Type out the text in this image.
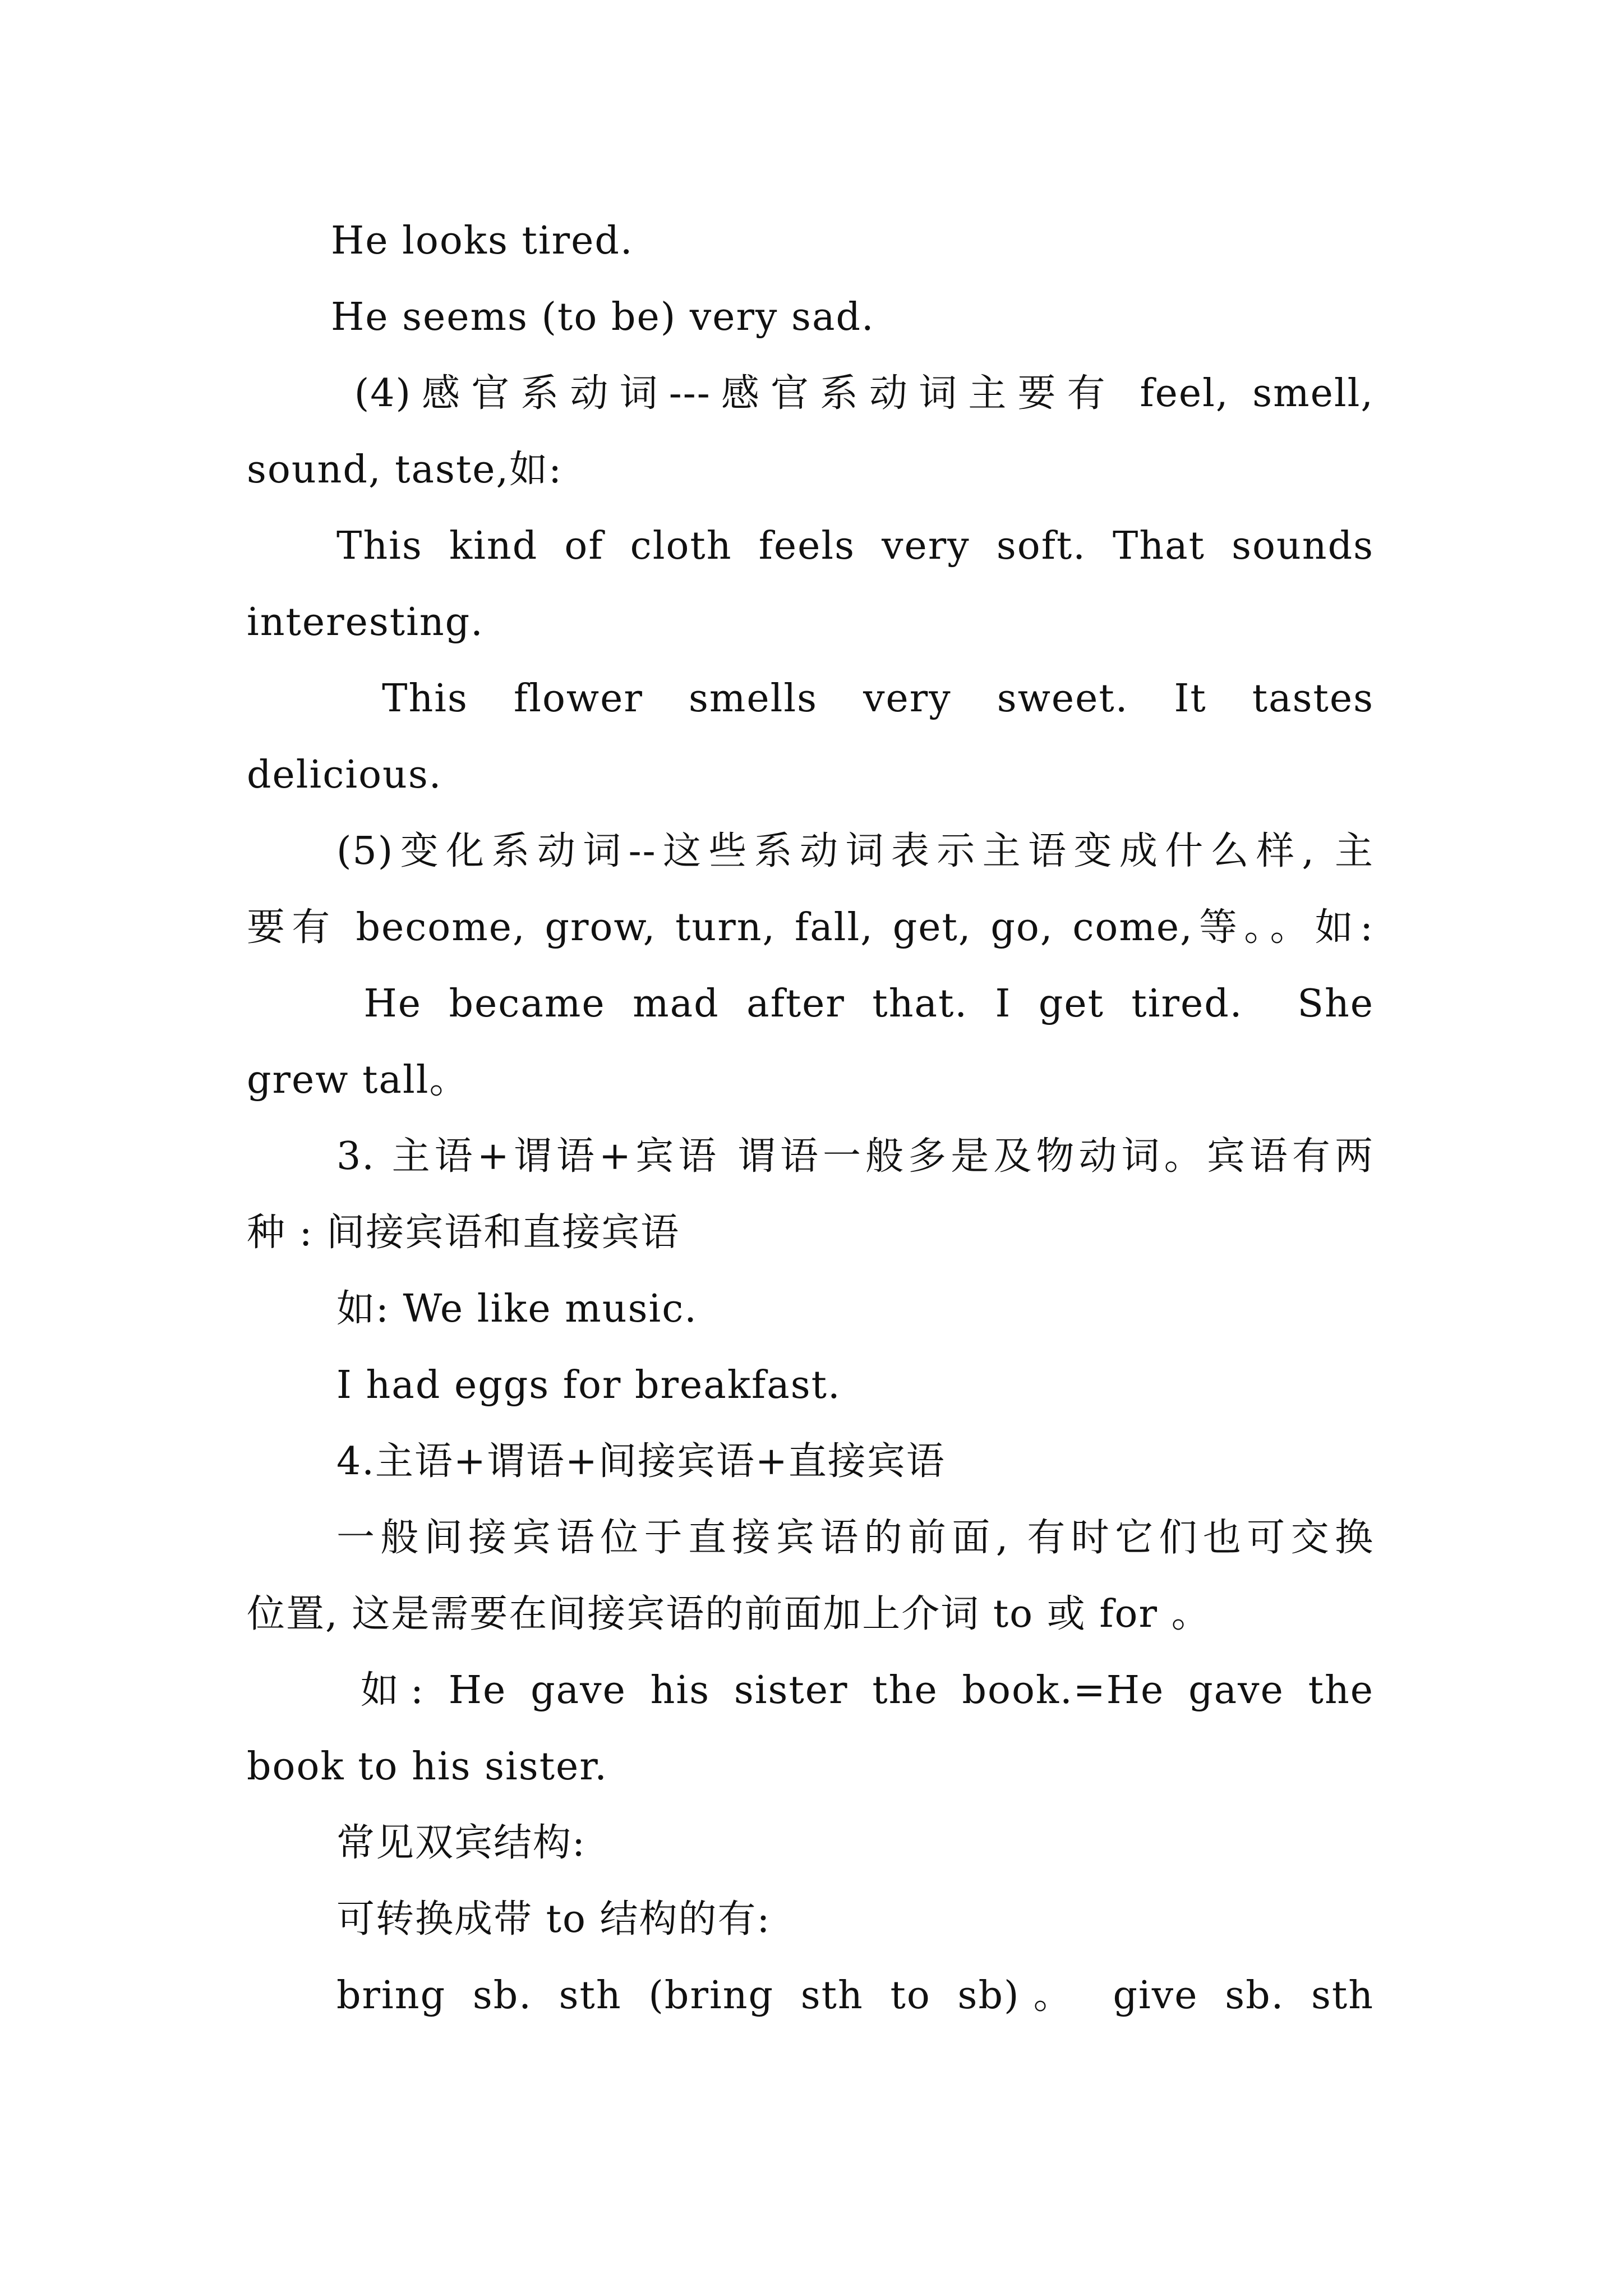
He looks tired.
He seems (to be) very sad.
(4)感官系动词---感官系动词主要有 feel, smell,
sound, taste,如:
This kind of cloth feels very soft. That sounds
interesting.
This flower smells very sweet. It tastes
delicious.
(5)变化系动词--这些系动词表示主语变成什么样, 主
要有 become, grow, turn, fall, get, go, come,等。。如:
He became mad after that. I get tired.  She
grew tall。
3. 主语+谓语+宾语 谓语一般多是及物动词。宾语有两
种 : 间接宾语和直接宾语
如: We like music.
I had eggs for breakfast.
4.主语+谓语+间接宾语+直接宾语
一般间接宾语位于直接宾语的前面, 有时它们也可交换
位置, 这是需要在间接宾语的前面加上介词 to 或 for 。
如: He gave his sister the book.=He gave the
book to his sister.
常见双宾结构:
可转换成带 to 结构的有:
bring sb. sth (bring sth to sb)。 give sb. sth
